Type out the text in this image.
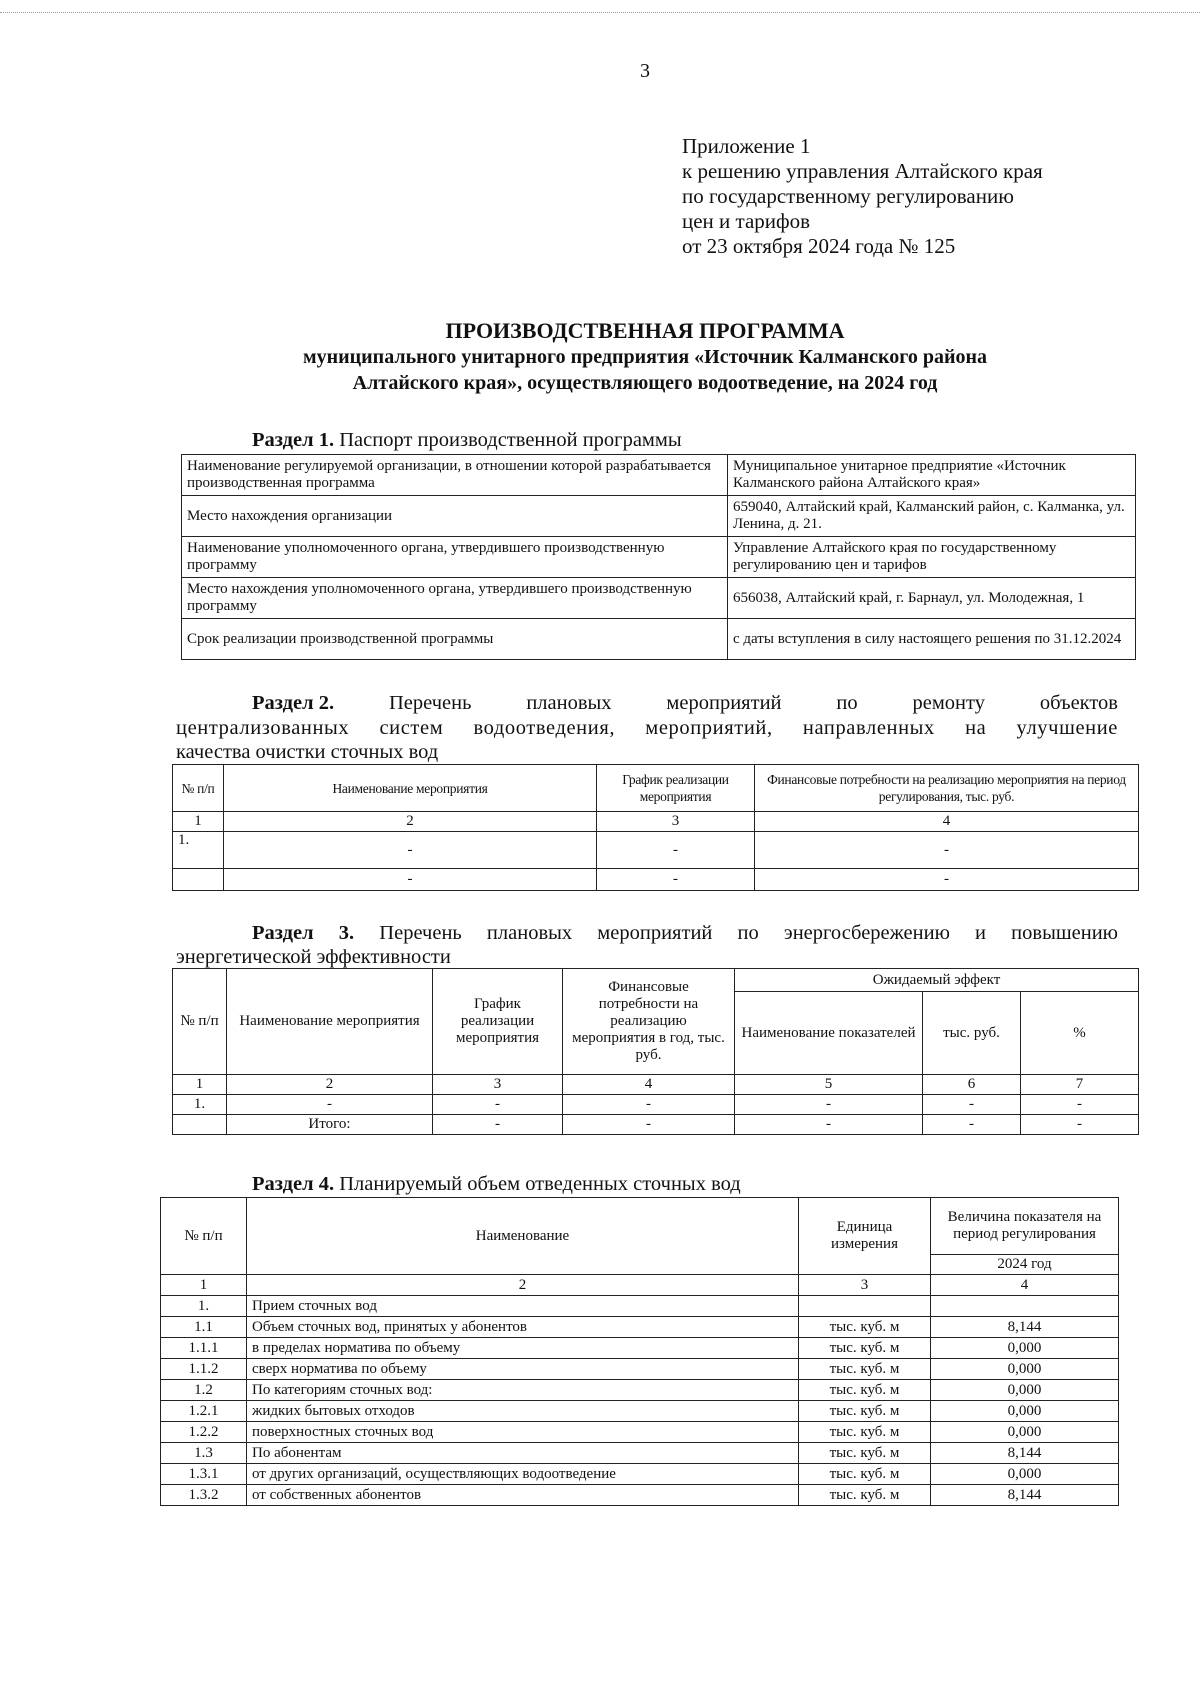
3
Приложение 1
к решению управления Алтайского края
по государственному регулированию
цен и тарифов
от 23 октября 2024 года № 125
ПРОИЗВОДСТВЕННАЯ ПРОГРАММА
муниципального унитарного предприятия «Источник Калманского района
Алтайского края», осуществляющего водоотведение, на 2024 год
Раздел 1. Паспорт производственной программы
Наименование регулируемой организации, в отношении которой разрабатывается производственная программа	Муниципальное унитарное предприятие «Источник Калманского района Алтайского края»
Место нахождения организации	659040, Алтайский край, Калманский район, с. Калманка, ул. Ленина, д. 21.
Наименование уполномоченного органа, утвердившего производственную программу	Управление Алтайского края по государственному регулированию цен и тарифов
Место нахождения уполномоченного органа, утвердившего производственную программу	656038, Алтайский край, г. Барнаул, ул. Молодежная, 1
Срок реализации производственной программы	с даты вступления в силу настоящего решения по 31.12.2024
Раздел 2.	Перечень	плановых	мероприятий	по	ремонту	объектов
централизованных систем водоотведения, мероприятий, направленных на улучшение
качества очистки сточных вод
№ п/п	Наименование мероприятия	График реализации мероприятия	Финансовые потребности на реализацию мероприятия на период регулирования, тыс. руб.
1	2	3	4
1.	-	-	-
	-	-	-
Раздел 3. Перечень плановых мероприятий по энергосбережению и повышению
энергетической эффективности
№ п/п	Наименование мероприятия	График реализации мероприятия	Финансовые потребности на реализацию мероприятия в год, тыс. руб.	Ожидаемый эффект		
				Наименование показателей	тыс. руб.	%
1	2	3	4	5	6	7
1.	-	-	-	-	-	-
	Итого:	-	-	-	-	-
Раздел 4. Планируемый объем отведенных сточных вод
№ п/п	Наименование	Единица измерения	Величина показателя на период регулирования
			2024 год
1	2	3	4
1.	Прием сточных вод		
1.1	Объем сточных вод, принятых у абонентов	тыс. куб. м	8,144
1.1.1	в пределах норматива по объему	тыс. куб. м	0,000
1.1.2	сверх норматива по объему	тыс. куб. м	0,000
1.2	По категориям сточных вод:	тыс. куб. м	0,000
1.2.1	жидких бытовых отходов	тыс. куб. м	0,000
1.2.2	поверхностных сточных вод	тыс. куб. м	0,000
1.3	По абонентам	тыс. куб. м	8,144
1.3.1	от других организаций, осуществляющих водоотведение	тыс. куб. м	0,000
1.3.2	от собственных абонентов	тыс. куб. м	8,144
